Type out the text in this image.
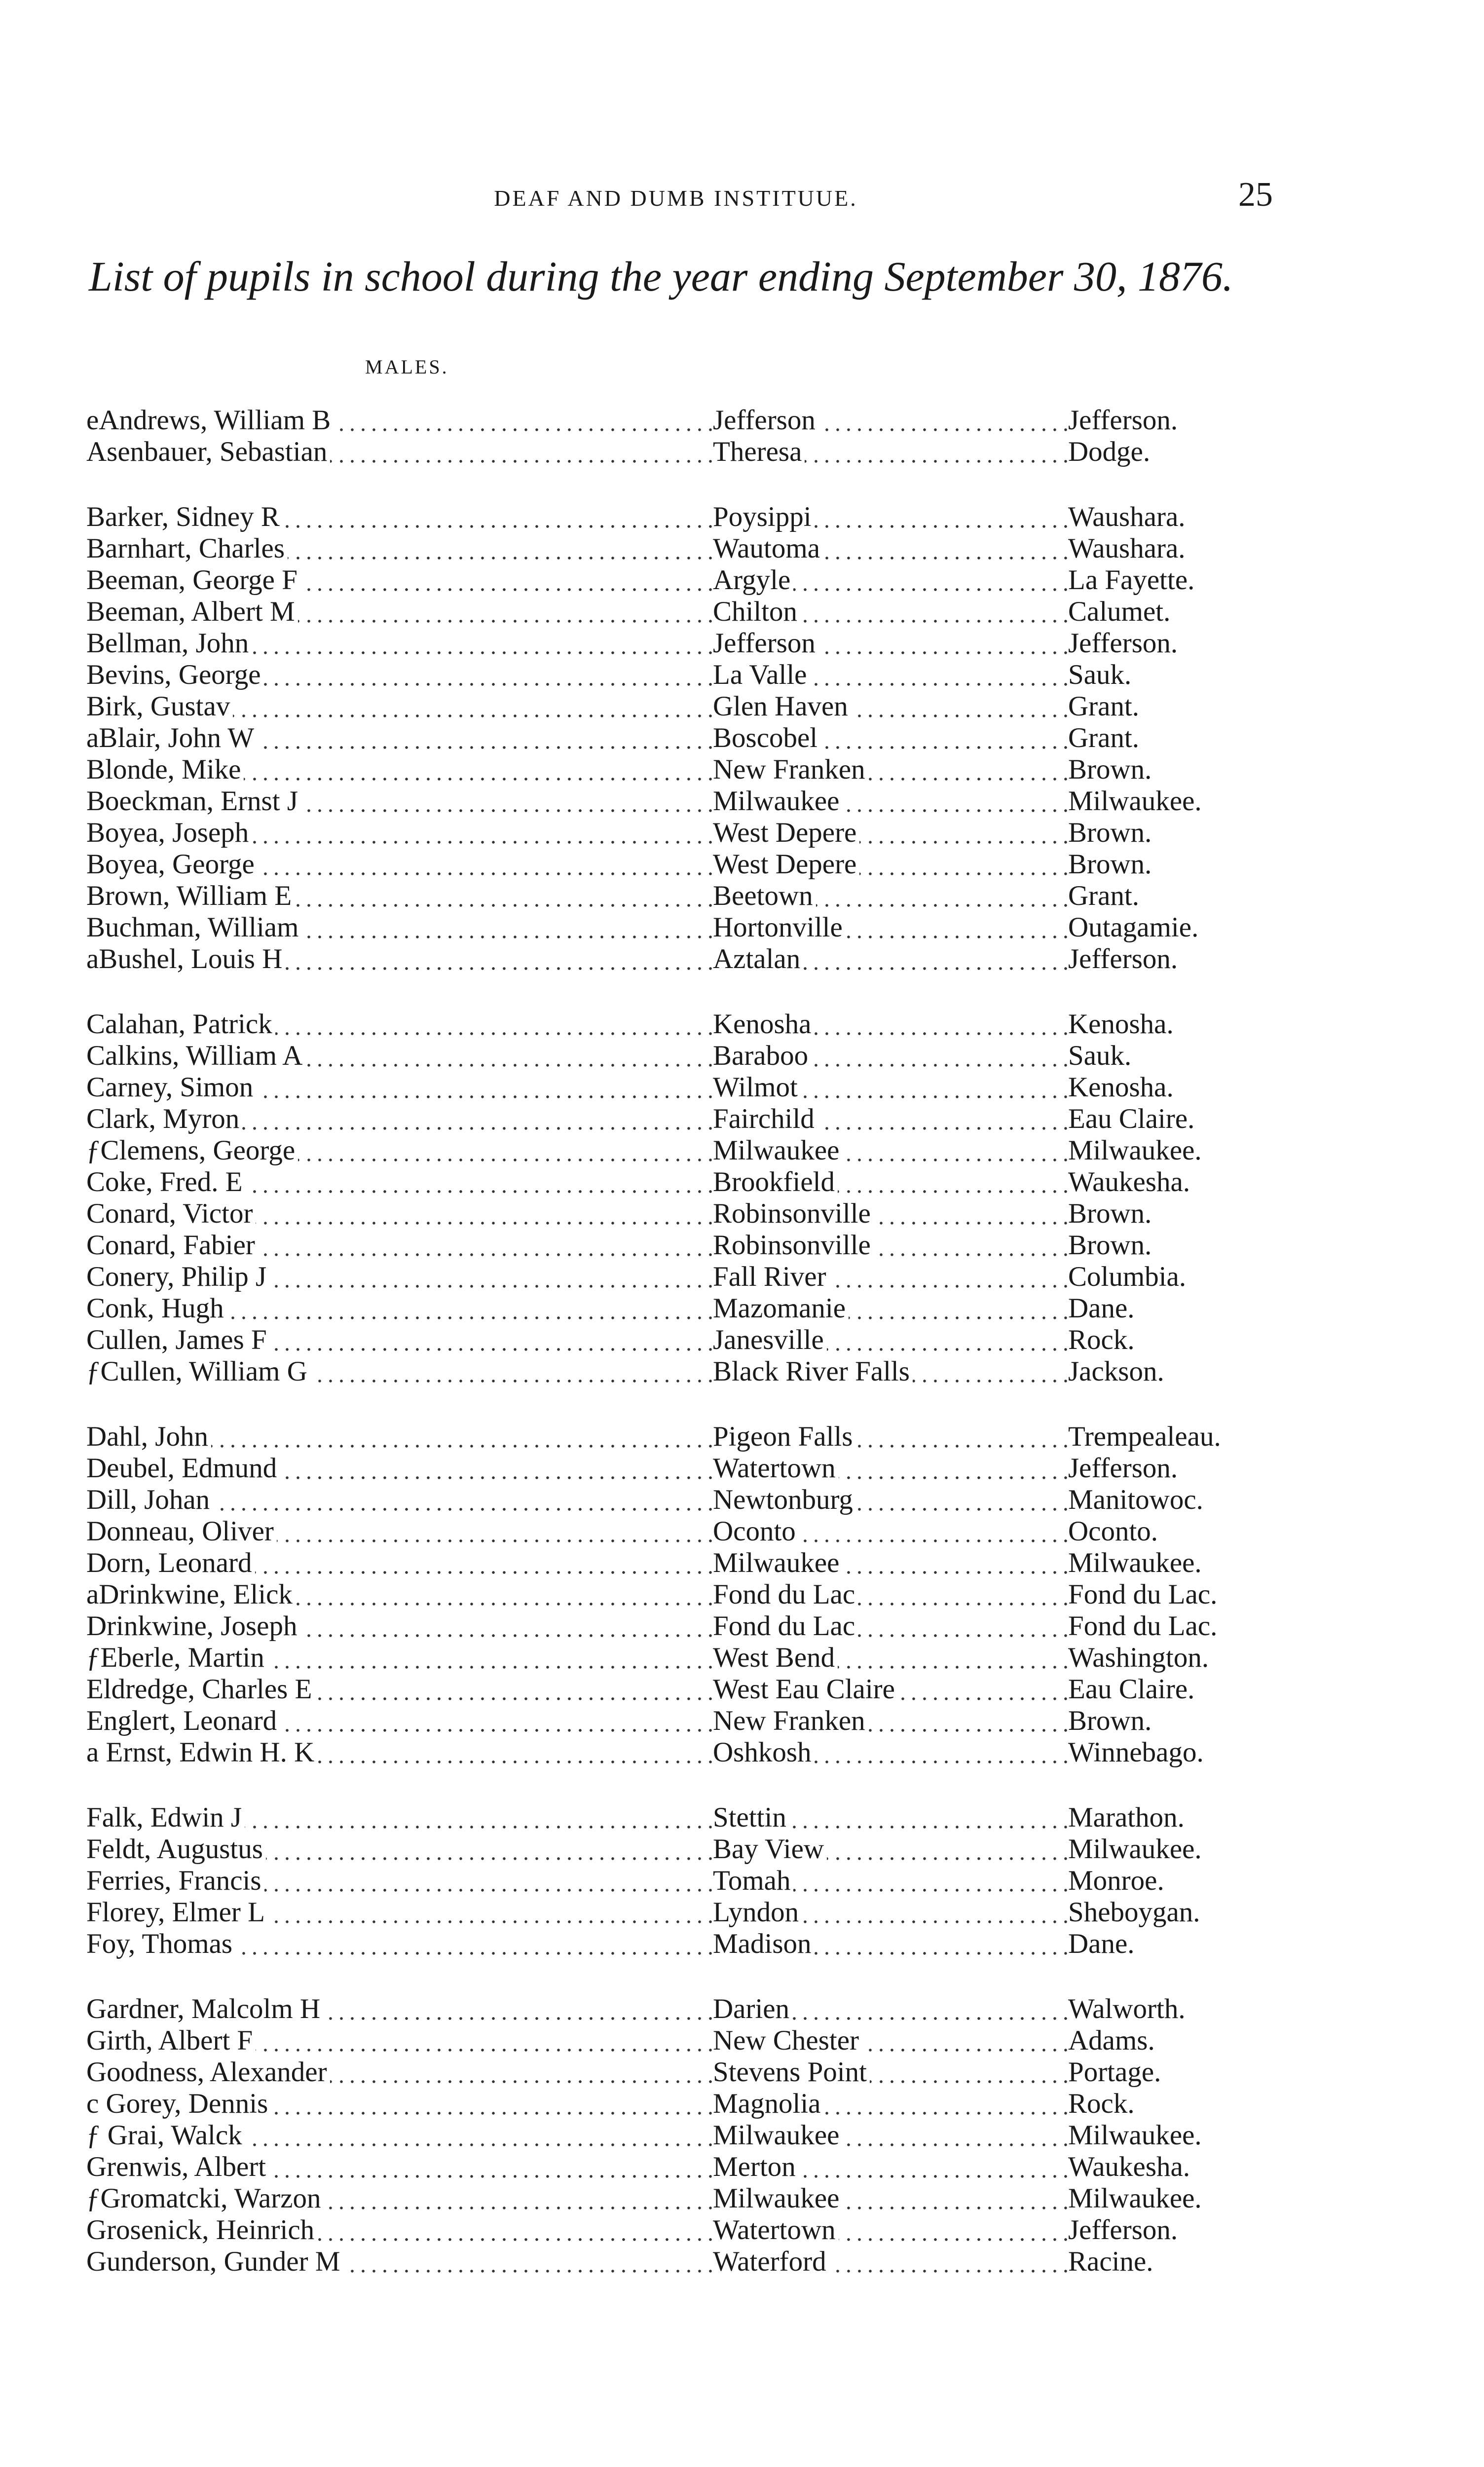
DEAF AND DUMB INSTITUUE.	25
List of pupils in school during the year ending September 30, 1876.
MALES.
eAndrews, William B	Jefferson	Jefferson.
Asenbauer, Sebastian	Theresa	Dodge.
Barker, Sidney R	Poysippi	Waushara.
Barnhart, Charles	Wautoma	Waushara.
Beeman, George F	Argyle	La Fayette.
Beeman, Albert M	Chilton	Calumet.
Bellman, John	Jefferson	Jefferson.
Bevins, George	La Valle	Sauk.
Birk, Gustav	Glen Haven	Grant.
aBlair, John W	Boscobel	Grant.
Blonde, Mike	New Franken	Brown.
Boeckman, Ernst J	Milwaukee	Milwaukee.
Boyea, Joseph	West Depere	Brown.
Boyea, George	West Depere	Brown.
Brown, William E	Beetown	Grant.
Buchman, William	Hortonville	Outagamie.
aBushel, Louis H	Aztalan	Jefferson.
Calahan, Patrick	Kenosha	Kenosha.
Calkins, William A	Baraboo	Sauk.
Carney, Simon	Wilmot	Kenosha.
Clark, Myron	Fairchild	Eau Claire.
ƒClemens, George	Milwaukee	Milwaukee.
Coke, Fred. E	Brookfield	Waukesha.
Conard, Victor	Robinsonville	Brown.
Conard, Fabier	Robinsonville	Brown.
Conery, Philip J	Fall River	Columbia.
Conk, Hugh	Mazomanie	Dane.
Cullen, James F	Janesville	Rock.
ƒCullen, William G	Black River Falls	Jackson.
Dahl, John	Pigeon Falls	Trempealeau.
Deubel, Edmund	Watertown	Jefferson.
Dill, Johan	Newtonburg	Manitowoc.
Donneau, Oliver	Oconto	Oconto.
Dorn, Leonard	Milwaukee	Milwaukee.
aDrinkwine, Elick	Fond du Lac	Fond du Lac.
Drinkwine, Joseph	Fond du Lac	Fond du Lac.
ƒEberle, Martin	West Bend	Washington.
Eldredge, Charles E	West Eau Claire	Eau Claire.
Englert, Leonard	New Franken	Brown.
a Ernst, Edwin H. K	Oshkosh	Winnebago.
Falk, Edwin J	Stettin	Marathon.
Feldt, Augustus	Bay View	Milwaukee.
Ferries, Francis	Tomah	Monroe.
Florey, Elmer L	Lyndon	Sheboygan.
Foy, Thomas	Madison	Dane.
Gardner, Malcolm H	Darien	Walworth.
Girth, Albert F	New Chester	Adams.
Goodness, Alexander	Stevens Point	Portage.
c Gorey, Dennis	Magnolia	Rock.
ƒ Grai, Walck	Milwaukee	Milwaukee.
Grenwis, Albert	Merton	Waukesha.
ƒGromatcki, Warzon	Milwaukee	Milwaukee.
Grosenick, Heinrich	Watertown	Jefferson.
Gunderson, Gunder M	Waterford	Racine.
